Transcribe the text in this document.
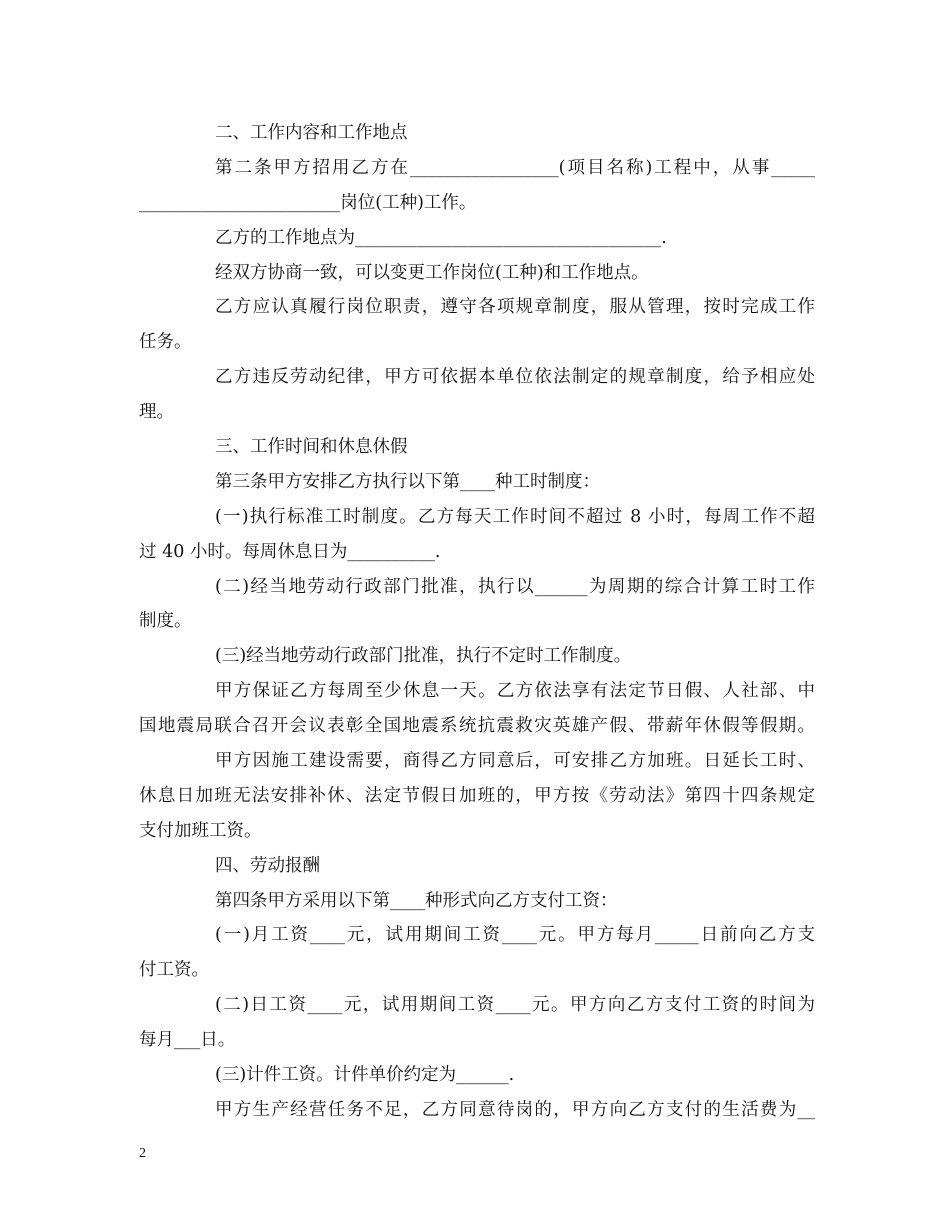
二、工作内容和工作地点
第二条甲方招用乙方在_________________(项目名称)工程中，从事_____
_______________________岗位(工种)工作。
乙方的工作地点为___________________________________.
经双方协商一致，可以变更工作岗位(工种)和工作地点。
乙方应认真履行岗位职责，遵守各项规章制度，服从管理，按时完成工作
任务。
乙方违反劳动纪律，甲方可依据本单位依法制定的规章制度，给予相应处
理。
三、工作时间和休息休假
第三条甲方安排乙方执行以下第____种工时制度：
(一)执行标准工时制度。乙方每天工作时间不超过 8 小时，每周工作不超
过 40 小时。每周休息日为__________.
(二)经当地劳动行政部门批准，执行以______为周期的综合计算工时工作
制度。
(三)经当地劳动行政部门批准，执行不定时工作制度。
甲方保证乙方每周至少休息一天。乙方依法享有法定节日假、人社部、中
国地震局联合召开会议表彰全国地震系统抗震救灾英雄产假、带薪年休假等假期。
甲方因施工建设需要，商得乙方同意后，可安排乙方加班。日延长工时、
休息日加班无法安排补休、法定节假日加班的，甲方按《劳动法》第四十四条规定
支付加班工资。
四、劳动报酬
第四条甲方采用以下第____种形式向乙方支付工资：
(一)月工资____元，试用期间工资____元。甲方每月_____日前向乙方支
付工资。
(二)日工资____元，试用期间工资____元。甲方向乙方支付工资的时间为
每月___日。
(三)计件工资。计件单价约定为______.
甲方生产经营任务不足，乙方同意待岗的，甲方向乙方支付的生活费为__
2
